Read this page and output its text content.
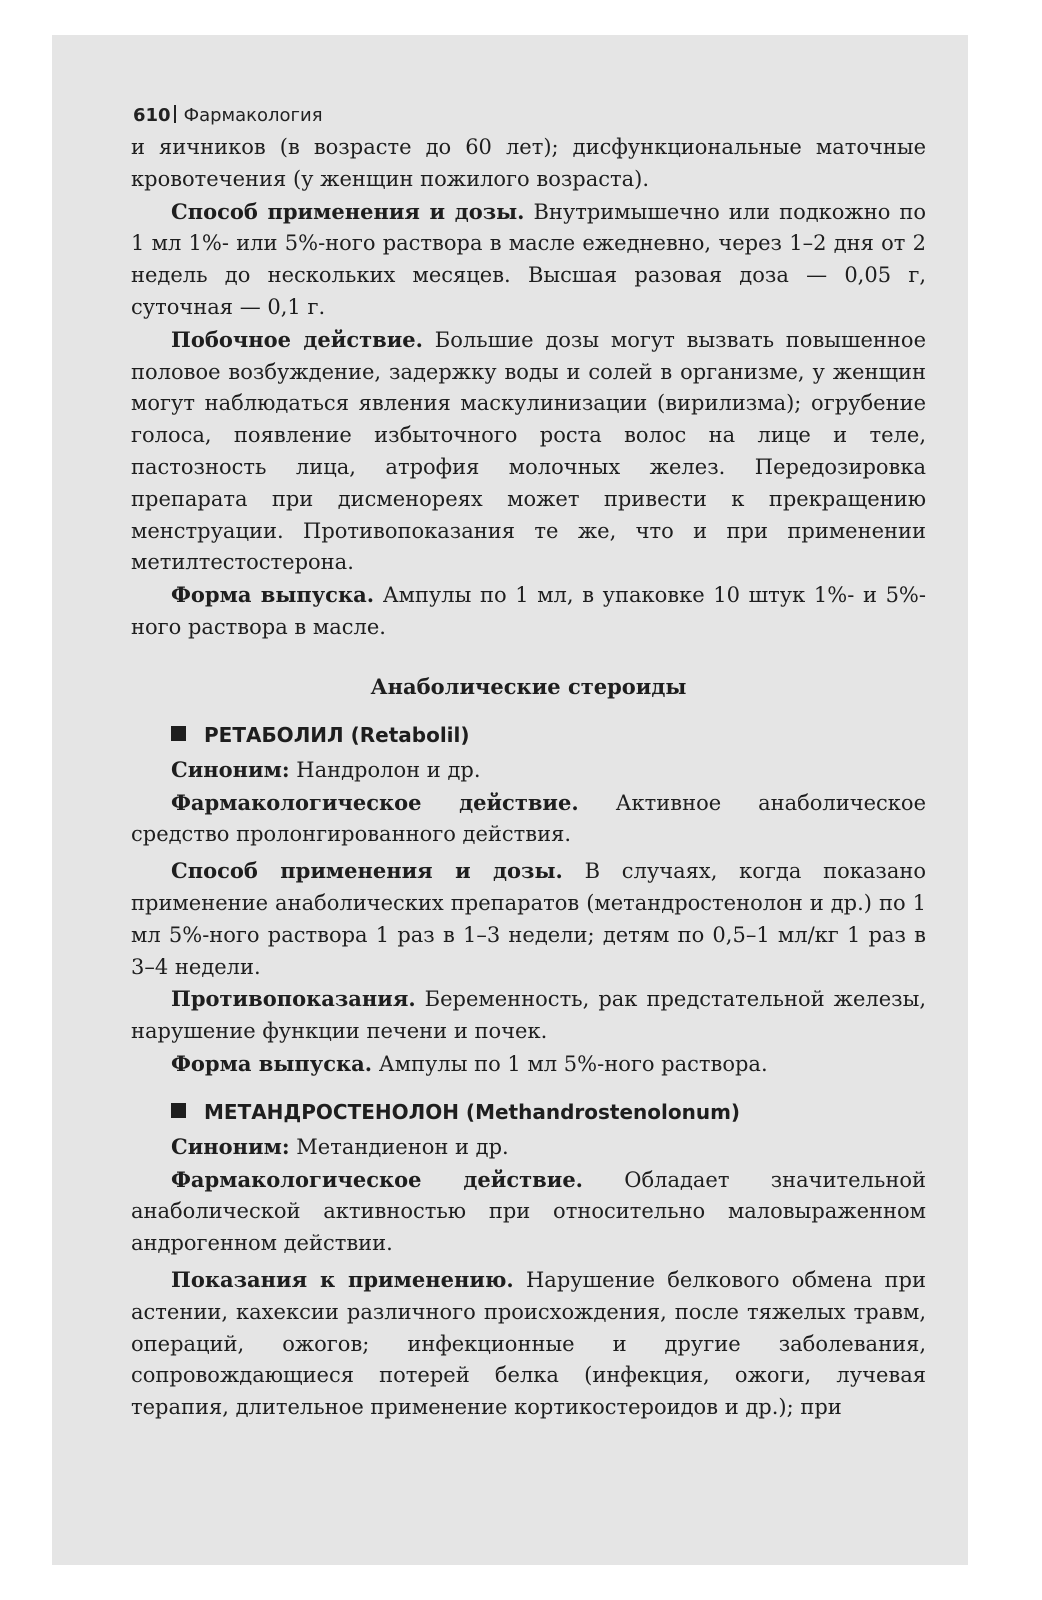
610 Фармакология

и яичников (в возрасте до 60 лет); дисфункциональные маточные кровотечения (у женщин пожилого возраста).

Способ применения и дозы. Внутримышечно или подкожно по 1 мл 1%- или 5%-ного раствора в масле ежедневно, через 1–2 дня от 2 недель до нескольких месяцев. Высшая разовая доза — 0,05 г, суточная — 0,1 г.

Побочное действие. Большие дозы могут вызвать повышенное половое возбуждение, задержку воды и солей в организме, у женщин могут наблюдаться явления маскулинизации (вирилизма); огрубение голоса, появление избыточного роста волос на лице и теле, пастозность лица, атрофия молочных желез. Передозировка препарата при дисменореях может привести к прекращению менструации. Противопоказания те же, что и при применении метилтестостерона.

Форма выпуска. Ампулы по 1 мл, в упаковке 10 штук 1%- и 5%-ного раствора в масле.

Анаболические стероиды
РЕТАБОЛИЛ (Retabolil)

Синоним: Нандролон и др.

Фармакологическое действие. Активное анаболическое средство пролонгированного действия.

Способ применения и дозы. В случаях, когда показано применение анаболических препаратов (метандростенолон и др.) по 1 мл 5%-ного раствора 1 раз в 1–3 недели; детям по 0,5–1 мл/кг 1 раз в 3–4 недели.

Противопоказания. Беременность, рак предстательной железы, нарушение функции печени и почек.

Форма выпуска. Ампулы по 1 мл 5%-ного раствора.

МЕТАНДРОСТЕНОЛОН (Methandrostenolonum)

Синоним: Метандиенон и др.

Фармакологическое действие. Обладает значительной анаболической активностью при относительно маловыраженном андрогенном действии.

Показания к применению. Нарушение белкового обмена при астении, кахексии различного происхождения, после тяжелых травм, операций, ожогов; инфекционные и другие заболевания, сопровождающиеся потерей белка (инфекция, ожоги, лучевая терапия, длительное применение кортикостероидов и др.); при
